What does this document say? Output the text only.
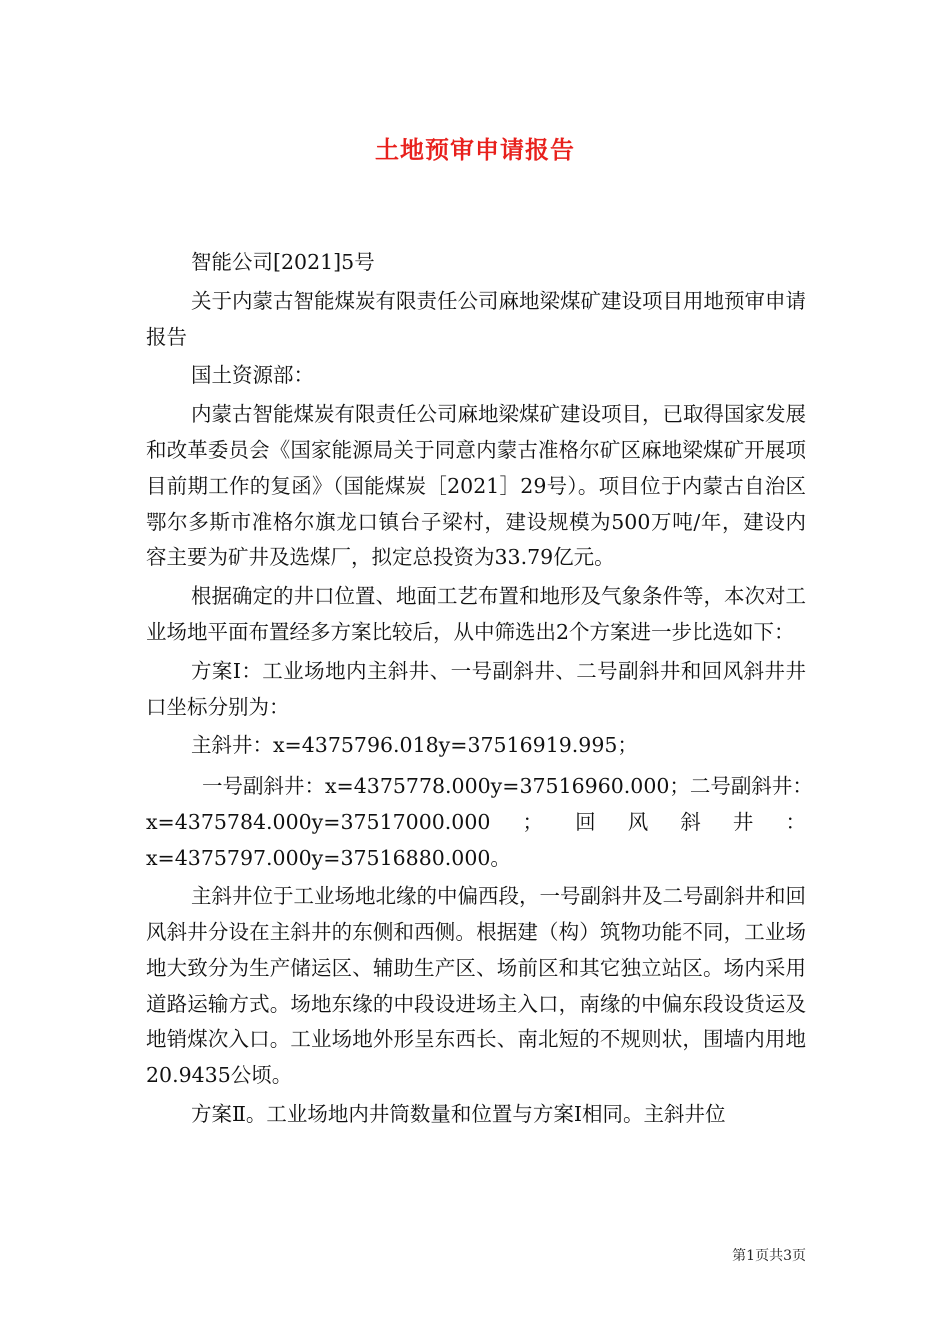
土地预审申请报告

智能公司[2021]5号

关于内蒙古智能煤炭有限责任公司麻地梁煤矿建设项目用地预审申请报告

国土资源部：

内蒙古智能煤炭有限责任公司麻地梁煤矿建设项目，已取得国家发展和改革委员会《国家能源局关于同意内蒙古准格尔矿区麻地梁煤矿开展项目前期工作的复函》（国能煤炭［2021］29号）。项目位于内蒙古自治区鄂尔多斯市准格尔旗龙口镇台子梁村，建设规模为500万吨/年，建设内容主要为矿井及选煤厂，拟定总投资为33.79亿元。

根据确定的井口位置、地面工艺布置和地形及气象条件等，本次对工业场地平面布置经多方案比较后，从中筛选出2个方案进一步比选如下：

方案Ⅰ：工业场地内主斜井、一号副斜井、二号副斜井和回风斜井井口坐标分别为：

主斜井：x=4375796.018y=37516919.995；

一号副斜井：x=4375778.000y=37516960.000；二号副斜井：
x=4375784.000y=37517000.000 ； 回 风 斜 井 ：
x=4375797.000y=37516880.000。

主斜井位于工业场地北缘的中偏西段，一号副斜井及二号副斜井和回风斜井分设在主斜井的东侧和西侧。根据建（构）筑物功能不同，工业场地大致分为生产储运区、辅助生产区、场前区和其它独立站区。场内采用道路运输方式。场地东缘的中段设进场主入口，南缘的中偏东段设货运及地销煤次入口。工业场地外形呈东西长、南北短的不规则状，围墙内用地20.9435公顷。

方案Ⅱ。工业场地内井筒数量和位置与方案Ⅰ相同。主斜井位

第1页共3页
